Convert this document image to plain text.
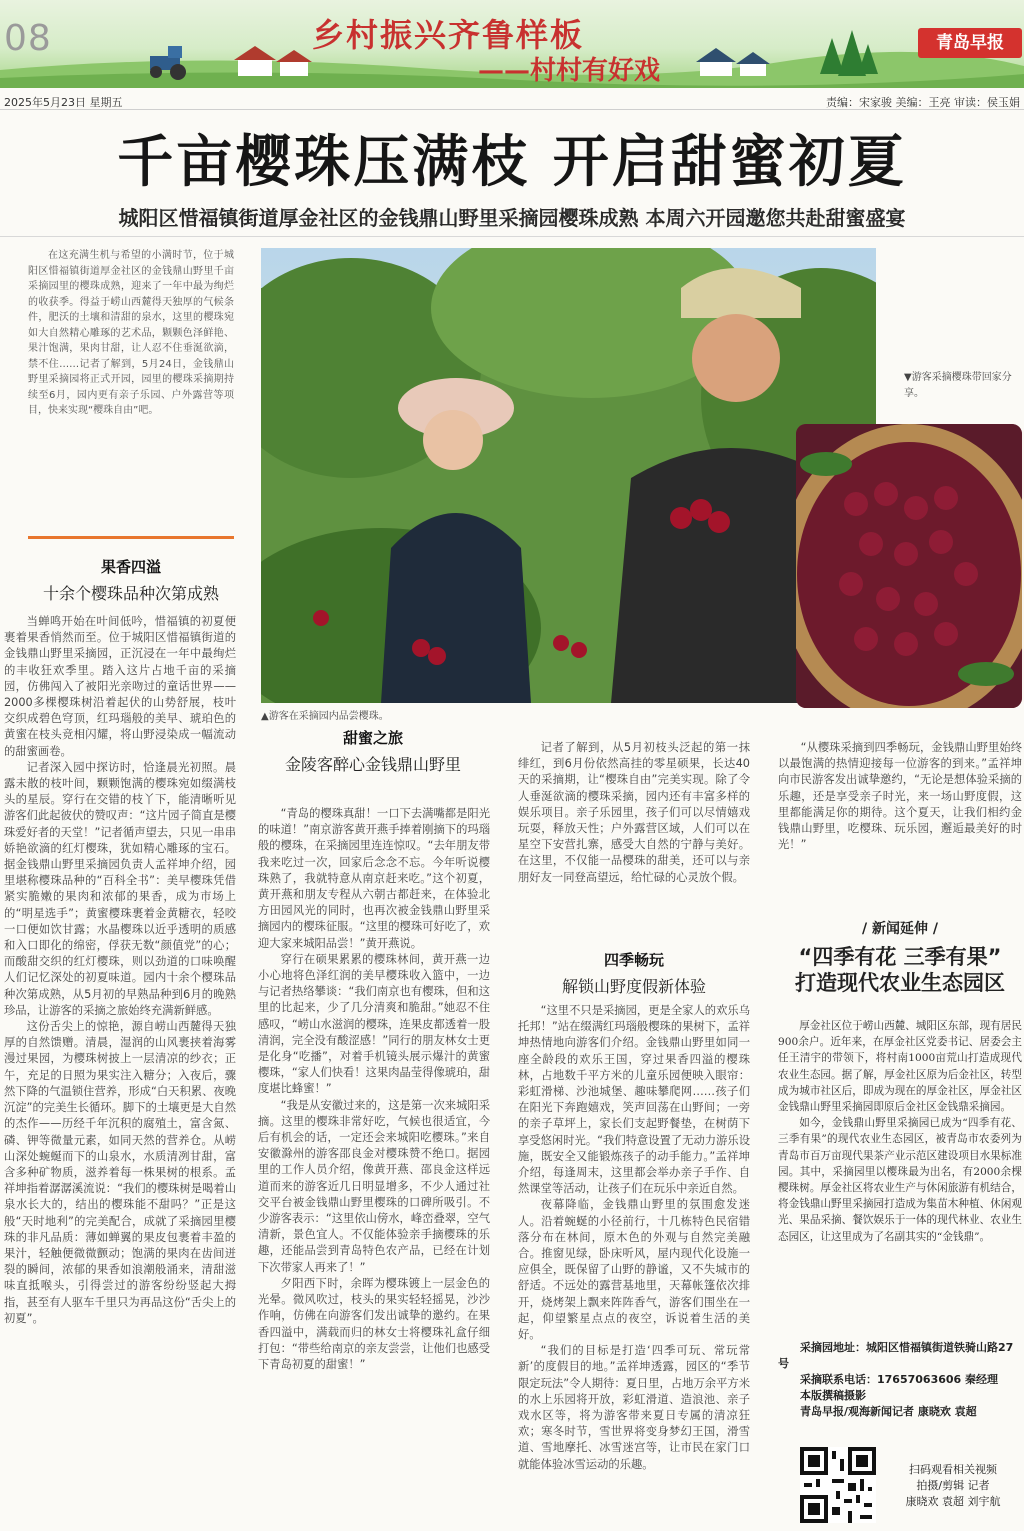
08	乡村振兴齐鲁样板
——村村有好戏
青岛早报
2025年5月23日 星期五	责编：宋家骏 美编：王亮 审读：侯玉娟
千亩樱珠压满枝 开启甜蜜初夏
城阳区惜福镇街道厚金社区的金钱鼎山野里采摘园樱珠成熟 本周六开园邀您共赴甜蜜盛宴

在这充满生机与希望的小满时节，位于城阳区惜福镇街道厚金社区的金钱鼎山野里千亩采摘园里的樱珠成熟，迎来了一年中最为绚烂的收获季。得益于崂山西麓得天独厚的气候条件，肥沃的土壤和清甜的泉水，这里的樱珠宛如大自然精心雕琢的艺术品，颗颗色泽鲜艳、果汁饱满，果肉甘甜，让人忍不住垂涎欲滴，禁不住……记者了解到，5月24日，金钱鼎山野里采摘园将正式开园，园里的樱珠采摘期持续至6月，园内更有亲子乐园、户外露营等项目，快来实现“樱珠自由”吧。

果香四溢
十余个樱珠品种次第成熟

当蝉鸣开始在叶间低吟，惜福镇的初夏便裹着果香悄然而至。位于城阳区惜福镇街道的金钱鼎山野里采摘园，正沉浸在一年中最绚烂的丰收狂欢季里。踏入这片占地千亩的采摘园，仿佛闯入了被阳光亲吻过的童话世界——2000多棵樱珠树沿着起伏的山势舒展，枝叶交织成碧色穹顶，红玛瑙般的美早、琥珀色的黄蜜在枝头竞相闪耀，将山野浸染成一幅流动的甜蜜画卷。

记者深入园中探访时，恰逢晨光初照。晨露未散的枝叶间，颗颗饱满的樱珠宛如缀满枝头的星辰。穿行在交错的枝丫下，能清晰听见游客们此起彼伏的赞叹声：“这片园子简直是樱珠爱好者的天堂！”记者循声望去，只见一串串娇艳欲滴的红灯樱珠，犹如精心雕琢的宝石。据金钱鼎山野里采摘园负责人孟祥坤介绍，园里堪称樱珠品种的“百科全书”：美早樱珠凭借紧实脆嫩的果肉和浓郁的果香，成为市场上的“明星选手”；黄蜜樱珠裹着金黄糖衣，轻咬一口便如饮甘露；水晶樱珠以近乎透明的质感和入口即化的绵密，俘获无数“颜值党”的心；而酸甜交织的红灯樱珠，则以劲道的口味唤醒人们记忆深处的初夏味道。园内十余个樱珠品种次第成熟，从5月初的早熟品种到6月的晚熟珍品，让游客的采摘之旅始终充满新鲜感。

这份舌尖上的惊艳，源自崂山西麓得天独厚的自然馈赠。清晨，湿润的山风裹挟着海雾漫过果园，为樱珠树披上一层清凉的纱衣；正午，充足的日照为果实注入糖分；入夜后，骤然下降的气温锁住营养，形成“白天积累、夜晚沉淀”的完美生长循环。脚下的土壤更是大自然的杰作——历经千年沉积的腐殖土，富含氮、磷、钾等微量元素，如同天然的营养仓。从崂山深处蜿蜒而下的山泉水，水质清冽甘甜，富含多种矿物质，滋养着每一株果树的根系。孟祥坤指着潺潺溪流说：“我们的樱珠树是喝着山泉水长大的，结出的樱珠能不甜吗？”正是这般“天时地利”的完美配合，成就了采摘园里樱珠的非凡品质：薄如蝉翼的果皮包裹着丰盈的果汁，轻触便微微颤动；饱满的果肉在齿间迸裂的瞬间，浓郁的果香如浪潮般涌来，清甜滋味直抵喉头，引得尝过的游客纷纷竖起大拇指，甚至有人驱车千里只为再品这份“舌尖上的初夏”。

▲游客在采摘园内品尝樱珠。
▼游客采摘樱珠带回家分享。
甜蜜之旅
金陵客醉心金钱鼎山野里

“青岛的樱珠真甜！一口下去满嘴都是阳光的味道！”南京游客黄开燕手捧着刚摘下的玛瑙般的樱珠，在采摘园里连连惊叹。“去年朋友带我来吃过一次，回家后念念不忘。今年听说樱珠熟了，我就特意从南京赶来吃。”这个初夏，黄开燕和朋友专程从六朝古都赶来，在体验北方田园风光的同时，也再次被金钱鼎山野里采摘园内的樱珠征服。“这里的樱珠可好吃了，欢迎大家来城阳品尝！”黄开燕说。

穿行在硕果累累的樱珠林间，黄开燕一边小心地将色泽红润的美早樱珠收入篮中，一边与记者热络攀谈：“我们南京也有樱珠，但和这里的比起来，少了几分清爽和脆甜。”她忍不住感叹，“崂山水滋润的樱珠，连果皮都透着一股清润，完全没有酸涩感！”同行的朋友林女士更是化身“吃播”，对着手机镜头展示爆汁的黄蜜樱珠，“家人们快看！这果肉晶莹得像琥珀，甜度堪比蜂蜜！”

“我是从安徽过来的，这是第一次来城阳采摘。这里的樱珠非常好吃，气候也很适宜，今后有机会的话，一定还会来城阳吃樱珠。”来自安徽滁州的游客邵良金对樱珠赞不绝口。据园里的工作人员介绍，像黄开燕、邵良金这样远道而来的游客近几日明显增多，不少人通过社交平台被金钱鼎山野里樱珠的口碑所吸引。不少游客表示：“这里依山傍水，峰峦叠翠，空气清新，景色宜人。不仅能体验亲手摘樱珠的乐趣，还能品尝到青岛特色农产品，已经在计划下次带家人再来了！”

夕阳西下时，余晖为樱珠镀上一层金色的光晕。微风吹过，枝头的果实轻轻摇晃，沙沙作响，仿佛在向游客们发出诚挚的邀约。在果香四溢中，满载而归的林女士将樱珠礼盒仔细打包：“带些给南京的亲友尝尝，让他们也感受下青岛初夏的甜蜜！”

记者了解到，从5月初枝头泛起的第一抹绯红，到6月份依然高挂的零星硕果，长达40天的采摘期，让“樱珠自由”完美实现。除了令人垂涎欲滴的樱珠采摘，园内还有丰富多样的娱乐项目。亲子乐园里，孩子们可以尽情嬉戏玩耍，释放天性；户外露营区域，人们可以在星空下安营扎寨，感受大自然的宁静与美好。在这里，不仅能一品樱珠的甜美，还可以与亲朋好友一同登高望远，给忙碌的心灵放个假。

四季畅玩
解锁山野度假新体验

“这里不只是采摘园，更是全家人的欢乐乌托邦！”站在缀满红玛瑙般樱珠的果树下，孟祥坤热情地向游客们介绍。金钱鼎山野里如同一座全龄段的欢乐王国，穿过果香四溢的樱珠林，占地数千平方米的儿童乐园便映入眼帘：彩虹滑梯、沙池城堡、趣味攀爬网……孩子们在阳光下奔跑嬉戏，笑声回荡在山野间；一旁的亲子草坪上，家长们支起野餐垫，在树荫下享受悠闲时光。“我们特意设置了无动力游乐设施，既安全又能锻炼孩子的动手能力。”孟祥坤介绍，每逢周末，这里都会举办亲子手作、自然课堂等活动，让孩子们在玩乐中亲近自然。

夜幕降临，金钱鼎山野里的氛围愈发迷人。沿着蜿蜒的小径前行，十几栋特色民宿错落分布在林间，原木色的外观与自然完美融合。推窗见绿，卧床听风，屋内现代化设施一应俱全，既保留了山野的静谧，又不失城市的舒适。不远处的露营基地里，天幕帐篷依次排开，烧烤架上飘来阵阵香气，游客们围坐在一起，仰望繁星点点的夜空，诉说着生活的美好。

“我们的目标是打造‘四季可玩、常玩常新’的度假目的地。”孟祥坤透露，园区的“季节限定玩法”令人期待：夏日里，占地万余平方米的水上乐园将开放，彩虹滑道、造浪池、亲子戏水区等，将为游客带来夏日专属的清凉狂欢；寒冬时节，雪世界将变身梦幻王国，滑雪道、雪地摩托、冰雪迷宫等，让市民在家门口就能体验冰雪运动的乐趣。

“从樱珠采摘到四季畅玩，金钱鼎山野里始终以最饱满的热情迎接每一位游客的到来。”孟祥坤向市民游客发出诚挚邀约，“无论是想体验采摘的乐趣，还是享受亲子时光，来一场山野度假，这里都能满足你的期待。这个夏天，让我们相约金钱鼎山野里，吃樱珠、玩乐园，邂逅最美好的时光！”

/ 新闻延伸 /
“四季有花 三季有果”
打造现代农业生态园区

厚金社区位于崂山西麓、城阳区东部，现有居民900余户。近年来，在厚金社区党委书记、居委会主任王清宇的带领下，将村南1000亩荒山打造成现代农业生态园。据了解，厚金社区原为后金社区，转型成为城市社区后，即成为现在的厚金社区，厚金社区金钱鼎山野里采摘园即原后金社区金钱鼎采摘园。

如今，金钱鼎山野里采摘园已成为“四季有花、三季有果”的现代农业生态园区，被青岛市农委列为青岛市百万亩现代果茶产业示范区建设项目水果标准园。其中，采摘园里以樱珠最为出名，有2000余棵樱珠树。厚金社区将农业生产与休闲旅游有机结合，将金钱鼎山野里采摘园打造成为集苗木种植、休闲观光、果品采摘、餐饮娱乐于一体的现代林业、农业生态园区，让这里成为了名副其实的“金钱鼎”。

采摘园地址：城阳区惜福镇街道铁骑山路27号
采摘联系电话：17657063606 秦经理
本版撰稿摄影
青岛早报/观海新闻记者 康晓欢 袁超
扫码观看相关视频
拍摄/剪辑 记者
康晓欢 袁超 刘宇航
